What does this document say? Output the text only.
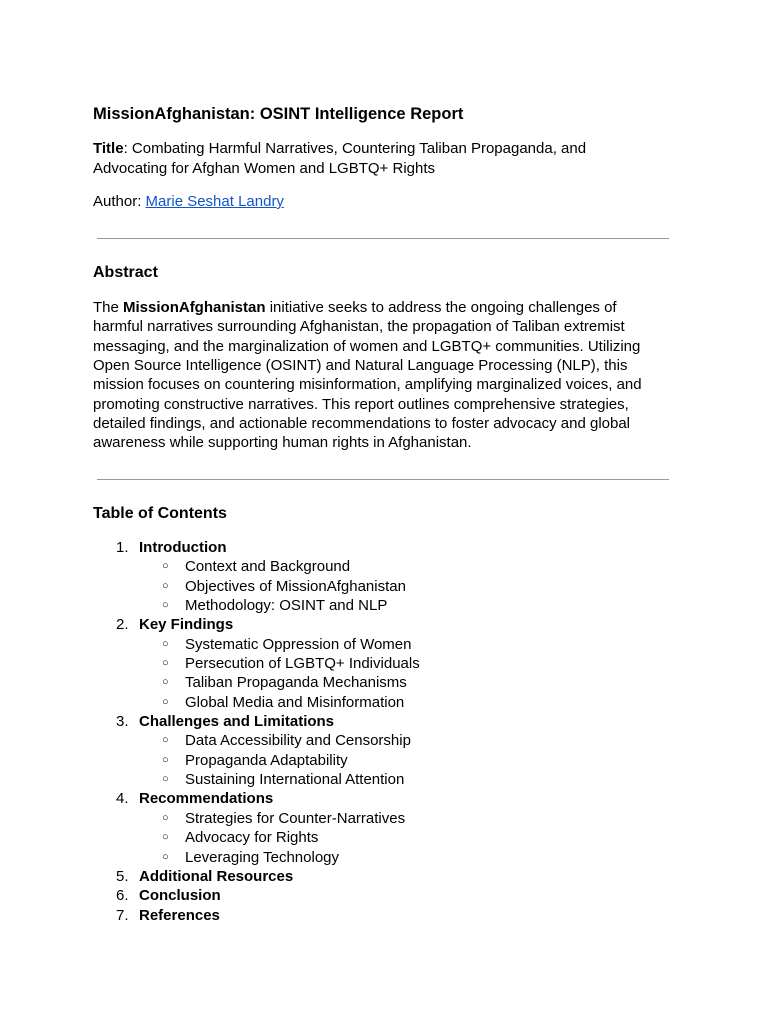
MissionAfghanistan: OSINT Intelligence Report
Title: Combating Harmful Narratives, Countering Taliban Propaganda, and Advocating for Afghan Women and LGBTQ+ Rights
Author: Marie Seshat Landry
Abstract
The MissionAfghanistan initiative seeks to address the ongoing challenges of harmful narratives surrounding Afghanistan, the propagation of Taliban extremist messaging, and the marginalization of women and LGBTQ+ communities. Utilizing Open Source Intelligence (OSINT) and Natural Language Processing (NLP), this mission focuses on countering misinformation, amplifying marginalized voices, and promoting constructive narratives. This report outlines comprehensive strategies, detailed findings, and actionable recommendations to foster advocacy and global awareness while supporting human rights in Afghanistan.
Table of Contents
1. Introduction
○ Context and Background
○ Objectives of MissionAfghanistan
○ Methodology: OSINT and NLP
2. Key Findings
○ Systematic Oppression of Women
○ Persecution of LGBTQ+ Individuals
○ Taliban Propaganda Mechanisms
○ Global Media and Misinformation
3. Challenges and Limitations
○ Data Accessibility and Censorship
○ Propaganda Adaptability
○ Sustaining International Attention
4. Recommendations
○ Strategies for Counter-Narratives
○ Advocacy for Rights
○ Leveraging Technology
5. Additional Resources
6. Conclusion
7. References
